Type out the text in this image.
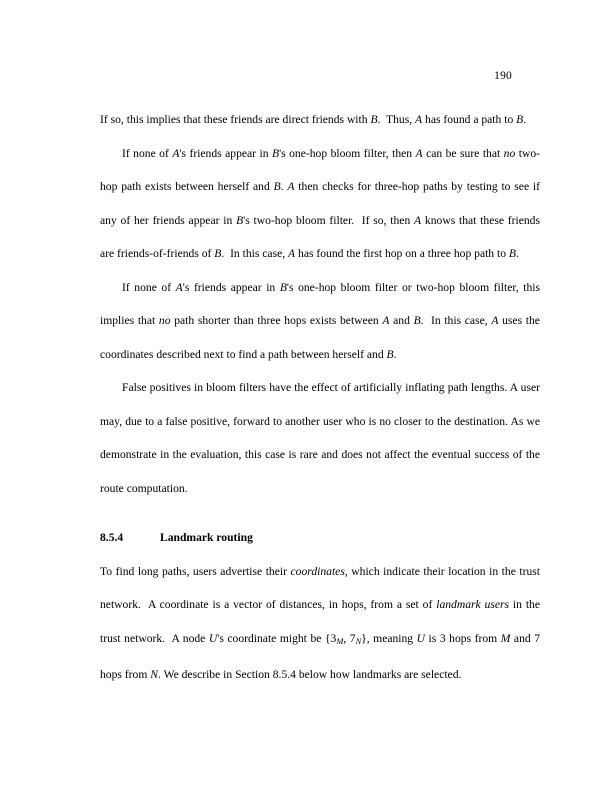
190

If so, this implies that these friends are direct friends with B.  Thus, A has found a path to B.

If none of A's friends appear in B's one-hop bloom filter, then A can be sure that no two-hop path exists between herself and B. A then checks for three-hop paths by testing to see if any of her friends appear in B's two-hop bloom filter.  If so, then A knows that these friends are friends-of-friends of B.  In this case, A has found the first hop on a three hop path to B.

If none of A's friends appear in B's one-hop bloom filter or two-hop bloom filter, this implies that no path shorter than three hops exists between A and B.  In this case, A uses the coordinates described next to find a path between herself and B.

False positives in bloom filters have the effect of artificially inflating path lengths. A user may, due to a false positive, forward to another user who is no closer to the destination. As we demonstrate in the evaluation, this case is rare and does not affect the eventual success of the route computation.

8.5.4	Landmark routing

To find long paths, users advertise their coordinates, which indicate their location in the trust network.  A coordinate is a vector of distances, in hops, from a set of landmark users in the trust network.  A node U's coordinate might be {3M, 7N}, meaning U is 3 hops from M and 7 hops from N. We describe in Section 8.5.4 below how landmarks are selected.
